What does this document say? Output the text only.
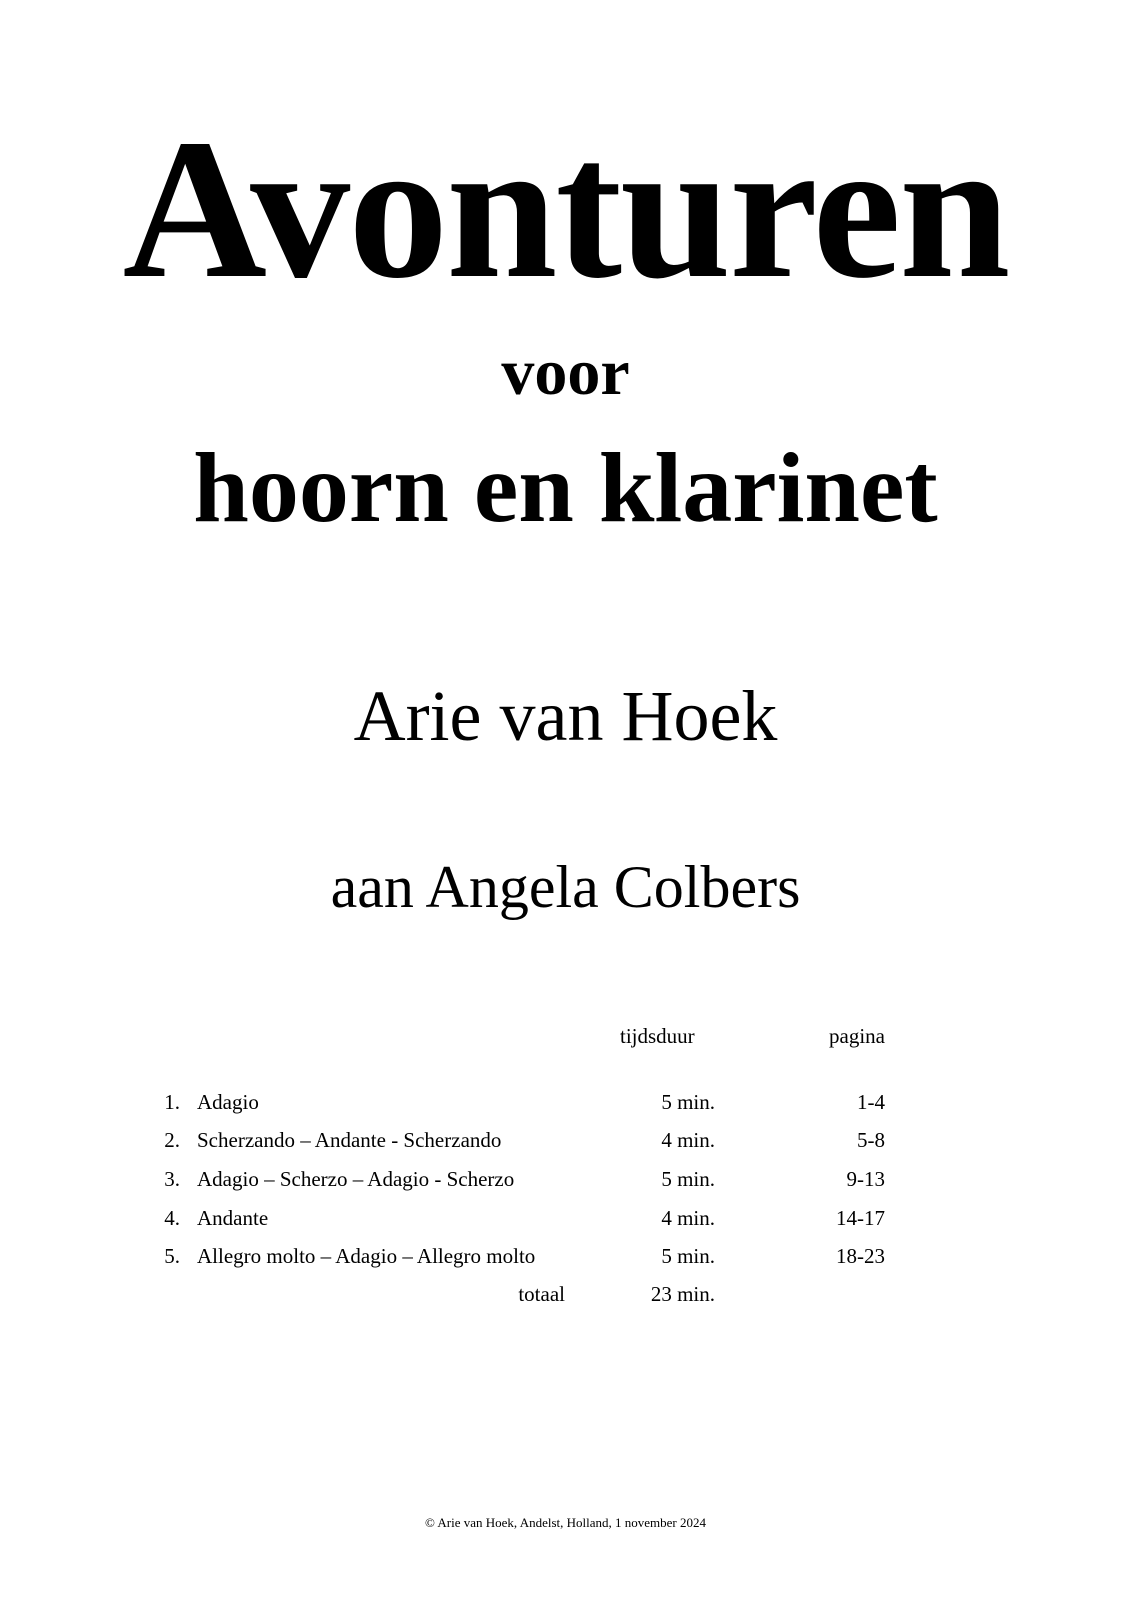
Avonturen
voor
hoorn en klarinet
Arie van Hoek
aan Angela Colbers
tijdsduur	pagina
1. Adagio	5 min.	1-4
2. Scherzando – Andante - Scherzando	4 min.	5-8
3. Adagio – Scherzo – Adagio - Scherzo	5 min.	9-13
4. Andante	4 min.	14-17
5. Allegro molto – Adagio – Allegro molto	5 min.	18-23
totaal	23 min.
© Arie van Hoek, Andelst, Holland, 1 november 2024
